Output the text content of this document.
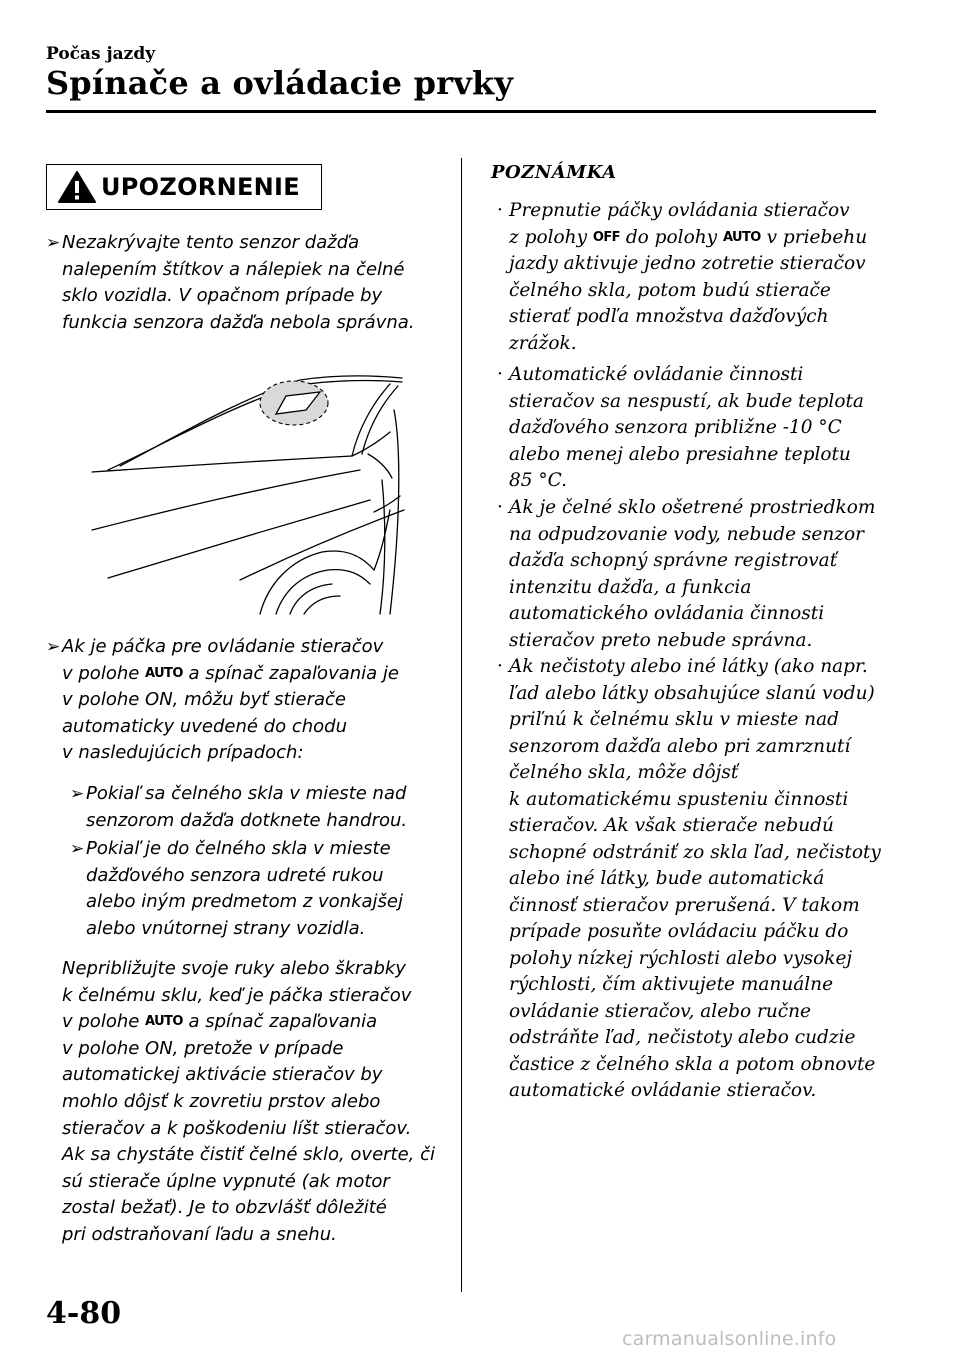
Počas jazdy
Spínače a ovládacie prvky
UPOZORNENIE
➢ Nezakrývajte tento senzor dažďa
nalepením štítkov a nálepiek na čelné
sklo vozidla. V opačnom prípade by
funkcia senzora dažďa nebola správna.
➢ Ak je páčka pre ovládanie stieračov
v polohe AUTO a spínač zapaľovania je
v polohe ON, môžu byť stierače
automaticky uvedené do chodu
v nasledujúcich prípadoch:
➢ Pokiaľ sa čelného skla v mieste nad
senzorom dažďa dotknete handrou.
➢ Pokiaľ je do čelného skla v mieste
dažďového senzora udreté rukou
alebo iným predmetom z vonkajšej
alebo vnútornej strany vozidla.
Nepribližujte svoje ruky alebo škrabky
k čelnému sklu, keď je páčka stieračov
v polohe AUTO a spínač zapaľovania
v polohe ON, pretože v prípade
automatickej aktivácie stieračov by
mohlo dôjsť k zovretiu prstov alebo
stieračov a k poškodeniu líšt stieračov.
Ak sa chystáte čistiť čelné sklo, overte, či
sú stierače úplne vypnuté (ak motor
zostal bežať). Je to obzvlášť dôležité
pri odstraňovaní ľadu a snehu.
POZNÁMKA
· Prepnutie páčky ovládania stieračov
z polohy OFF do polohy AUTO v priebehu
jazdy aktivuje jedno zotretie stieračov
čelného skla, potom budú stierače
stierať podľa množstva dažďových
zrážok.
· Automatické ovládanie činnosti
stieračov sa nespustí, ak bude teplota
dažďového senzora približne -10 °C
alebo menej alebo presiahne teplotu
85 °C.
· Ak je čelné sklo ošetrené prostriedkom
na odpudzovanie vody, nebude senzor
dažďa schopný správne registrovať
intenzitu dažďa, a funkcia
automatického ovládania činnosti
stieračov preto nebude správna.
· Ak nečistoty alebo iné látky (ako napr.
ľad alebo látky obsahujúce slanú vodu)
priľnú k čelnému sklu v mieste nad
senzorom dažďa alebo pri zamrznutí
čelného skla, môže dôjsť
k automatickému spusteniu činnosti
stieračov. Ak však stierače nebudú
schopné odstrániť zo skla ľad, nečistoty
alebo iné látky, bude automatická
činnosť stieračov prerušená. V takom
prípade posuňte ovládaciu páčku do
polohy nízkej rýchlosti alebo vysokej
rýchlosti, čím aktivujete manuálne
ovládanie stieračov, alebo ručne
odstráňte ľad, nečistoty alebo cudzie
častice z čelného skla a potom obnovte
automatické ovládanie stieračov.
4-80
carmanualsonline.info
